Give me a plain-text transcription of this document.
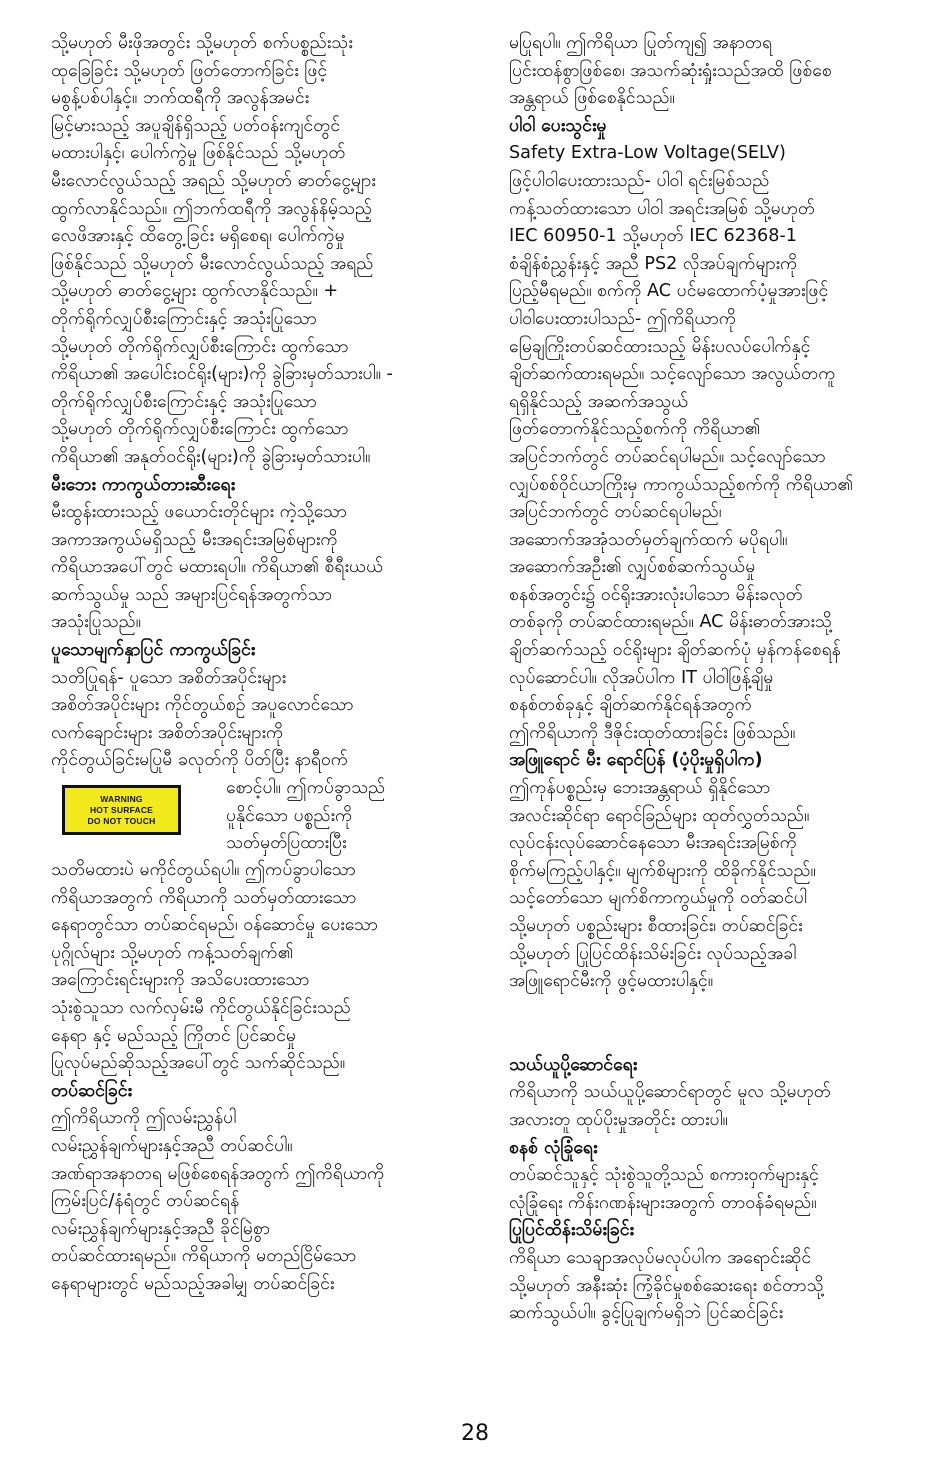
သို့မဟုတ် မီးဖိုအတွင်း သို့မဟုတ် စက်ပစ္စည်းသုံး
ထုခြေခြင်း သို့မဟုတ် ဖြတ်တောက်ခြင်း ဖြင့်
မစွန့်ပစ်ပါနှင့်။ ဘက်ထရီကို အလွန်အမင်း
မြင့်မားသည့် အပူချိန်ရှိသည့် ပတ်ဝန်းကျင်တွင်
မထားပါနှင့်၊ ပေါက်ကွဲမှု ဖြစ်နိုင်သည် သို့မဟုတ်
မီးလောင်လွယ်သည့် အရည် သို့မဟုတ် ဓာတ်ငွေ့များ
ထွက်လာနိုင်သည်။ ဤဘက်ထရီကို အလွန်နိမ့်သည့်
လေဖိအားနှင့် ထိတွေ့ခြင်း မရှိစေရ၊ ပေါက်ကွဲမှု
ဖြစ်နိုင်သည် သို့မဟုတ် မီးလောင်လွယ်သည့် အရည်
သို့မဟုတ် ဓာတ်ငွေ့များ ထွက်လာနိုင်သည်။ +
တိုက်ရိုက်လျှပ်စီးကြောင်းနှင့် အသုံးပြုသော
သို့မဟုတ် တိုက်ရိုက်လျှပ်စီးကြောင်း ထွက်သော
ကိရိယာ၏ အပေါင်းဝင်ရိုး(များ)ကို ခွဲခြားမှတ်သားပါ။ -
တိုက်ရိုက်လျှပ်စီးကြောင်းနှင့် အသုံးပြုသော
သို့မဟုတ် တိုက်ရိုက်လျှပ်စီးကြောင်း ထွက်သော
ကိရိယာ၏ အနုတ်ဝင်ရိုး(များ)ကို ခွဲခြားမှတ်သားပါ။
မီးဘေး ကာကွယ်တားဆီးရေး
မီးထွန်းထားသည့် ဖယောင်းတိုင်များ ကဲ့သို့သော
အကာအကွယ်မရှိသည့် မီးအရင်းအမြစ်များကို
ကိရိယာအပေါ်တွင် မထားရပါ။ ကိရိယာ၏ စီရီးယယ်
ဆက်သွယ်မှု သည် အများပြင်ရန်အတွက်သာ
အသုံးပြုသည်။
ပူသောမျက်နှာပြင် ကာကွယ်ခြင်း
သတိပြုရန်- ပူသော အစိတ်အပိုင်းများ
အစိတ်အပိုင်းများ ကိုင်တွယ်စဉ် အပူလောင်သော
လက်ချောင်းများ အစိတ်အပိုင်းများကို
ကိုင်တွယ်ခြင်းမပြုမီ ခလုတ်ကို ပိတ်ပြီး နာရီဝက်
WARNING
HOT SURFACE
DO NOT TOUCH
စောင့်ပါ။ ဤကပ်ခွာသည်
ပူနိုင်သော ပစ္စည်းကို
သတ်မှတ်ပြထားပြီး
သတိမထားပဲ မကိုင်တွယ်ရပါ။ ဤကပ်ခွာပါသော
ကိရိယာအတွက် ကိရိယာကို သတ်မှတ်ထားသော
နေရာတွင်သာ တပ်ဆင်ရမည်၊ ဝန်ဆောင်မှု ပေးသော
ပုဂ္ဂိုလ်များ သို့မဟုတ် ကန့်သတ်ချက်၏
အကြောင်းရင်းများကို အသိပေးထားသော
သုံးစွဲသူသာ လက်လှမ်းမီ ကိုင်တွယ်နိုင်ခြင်းသည်
နေရာ နှင့် မည်သည့် ကြိုတင် ပြင်ဆင်မှု
ပြုလုပ်မည်ဆိုသည့်အပေါ်တွင် သက်ဆိုင်သည်။
တပ်ဆင်ခြင်း
ဤကိရိယာကို ဤလမ်းညွှန်ပါ
လမ်းညွှန်ချက်များနှင့်အညီ တပ်ဆင်ပါ။
အဏ်ရာအနာတရ မဖြစ်စေရန်အတွက် ဤကိရိယာကို
ကြမ်းပြင်/နံရံတွင် တပ်ဆင်ရန်
လမ်းညွှန်ချက်များနှင့်အညီ ခိုင်မြဲစွာ
တပ်ဆင်ထားရမည်။ ကိရိယာကို မတည်ငြိမ်သော
နေရာများတွင် မည်သည့်အခါမျှ တပ်ဆင်ခြင်း
မပြုရပါ။ ဤကိရိယာ ပြုတ်ကျ၍ အနာတရ
ပြင်းထန်စွာဖြစ်စေ၊ အသက်ဆုံးရှုံးသည်အထိ ဖြစ်စေ
အန္တရာယ် ဖြစ်စေနိုင်သည်။
ပါဝါ ပေးသွင်းမှု
Safety Extra-Low Voltage(SELV)
ဖြင့်ပါဝါပေးထားသည်- ပါဝါ ရင်းမြစ်သည်
ကန့်သတ်ထားသော ပါဝါ အရင်းအမြစ် သို့မဟုတ်
IEC 60950-1 သို့မဟုတ် IEC 62368-1
စံချိန်စံညွှန်းနှင့် အညီ PS2 လိုအပ်ချက်များကို
ပြည့်မီရမည်။ စက်ကို AC ပင်မထောက်ပံ့မှုအားဖြင့်
ပါဝါပေးထားပါသည်- ဤကိရိယာကို
မြေချကြိုးတပ်ဆင်ထားသည့် မိန်းပလပ်ပေါက်နှင့်
ချိတ်ဆက်ထားရမည်။ သင့်လျော်သော အလွယ်တကူ
ရရှိနိုင်သည့် အဆက်အသွယ်
ဖြတ်တောက်နိုင်သည့်စက်ကို ကိရိယာ၏
အပြင်ဘက်တွင် တပ်ဆင်ရပါမည်။ သင့်လျော်သော
လျှပ်စစ်ဝိုင်ယာကြိုးမှ ကာကွယ်သည့်စက်ကို ကိရိယာ၏
အပြင်ဘက်တွင် တပ်ဆင်ရပါမည်၊
အဆောက်အအုံသတ်မှတ်ချက်ထက် မပိုရပါ။
အဆောက်အဦး၏ လျှပ်စစ်ဆက်သွယ်မှု
စနစ်အတွင်း၌ ဝင်ရိုးအားလုံးပါသော မိန်းခလုတ်
တစ်ခုကို တပ်ဆင်ထားရမည်။ AC မိန်းဓာတ်အားသို့
ချိတ်ဆက်သည့် ဝင်ရိုးများ ချိတ်ဆက်ပုံ မှန်ကန်စေရန်
လုပ်ဆောင်ပါ။ လိုအပ်ပါက IT ပါဝါဖြန့်ချိမှု
စနစ်တစ်ခုနှင့် ချိတ်ဆက်နိုင်ရန်အတွက်
ဤကိရိယာကို ဒီဇိုင်းထုတ်ထားခြင်း ဖြစ်သည်။
အဖြူရောင် မီး ရောင်ပြန် (ပံ့ပိုးမှုရှိပါက)
ဤကုန်ပစ္စည်းမှ ဘေးအန္တရာယ် ရှိနိုင်သော
အလင်းဆိုင်ရာ ရောင်ခြည်များ ထုတ်လွှတ်သည်။
လုပ်ငန်းလုပ်ဆောင်နေသော မီးအရင်းအမြစ်ကို
စိုက်မကြည့်ပါနှင့်။ မျက်စိများကို ထိခိုက်နိုင်သည်။
သင့်တော်သော မျက်စိကာကွယ်မှုကို ဝတ်ဆင်ပါ
သို့မဟုတ် ပစ္စည်းများ စီထားခြင်း၊ တပ်ဆင်ခြင်း
သို့မဟုတ် ပြုပြင်ထိန်းသိမ်းခြင်း လုပ်သည့်အခါ
အဖြူရောင်မီးကို ဖွင့်မထားပါနှင့်။
သယ်ယူပို့ဆောင်ရေး
ကိရိယာကို သယ်ယူပို့ဆောင်ရာတွင် မူလ သို့မဟုတ်
အလားတူ ထုပ်ပိုးမှုအတိုင်း ထားပါ။
စနစ် လုံခြုံရေး
တပ်ဆင်သူနှင့် သုံးစွဲသူတို့သည် စကားဝှက်များနှင့်
လုံခြုံရေး ကိန်းဂဏန်းများအတွက် တာဝန်ခံရမည်။
ပြုပြင်ထိန်းသိမ်းခြင်း
ကိရိယာ သေချာအလုပ်မလုပ်ပါက အရောင်းဆိုင်
သို့မဟုတ် အနီးဆုံး ကြံ့ခိုင်မှုစစ်ဆေးရေး စင်တာသို့
ဆက်သွယ်ပါ။ ခွင့်ပြုချက်မရှိဘဲ ပြင်ဆင်ခြင်း
28
